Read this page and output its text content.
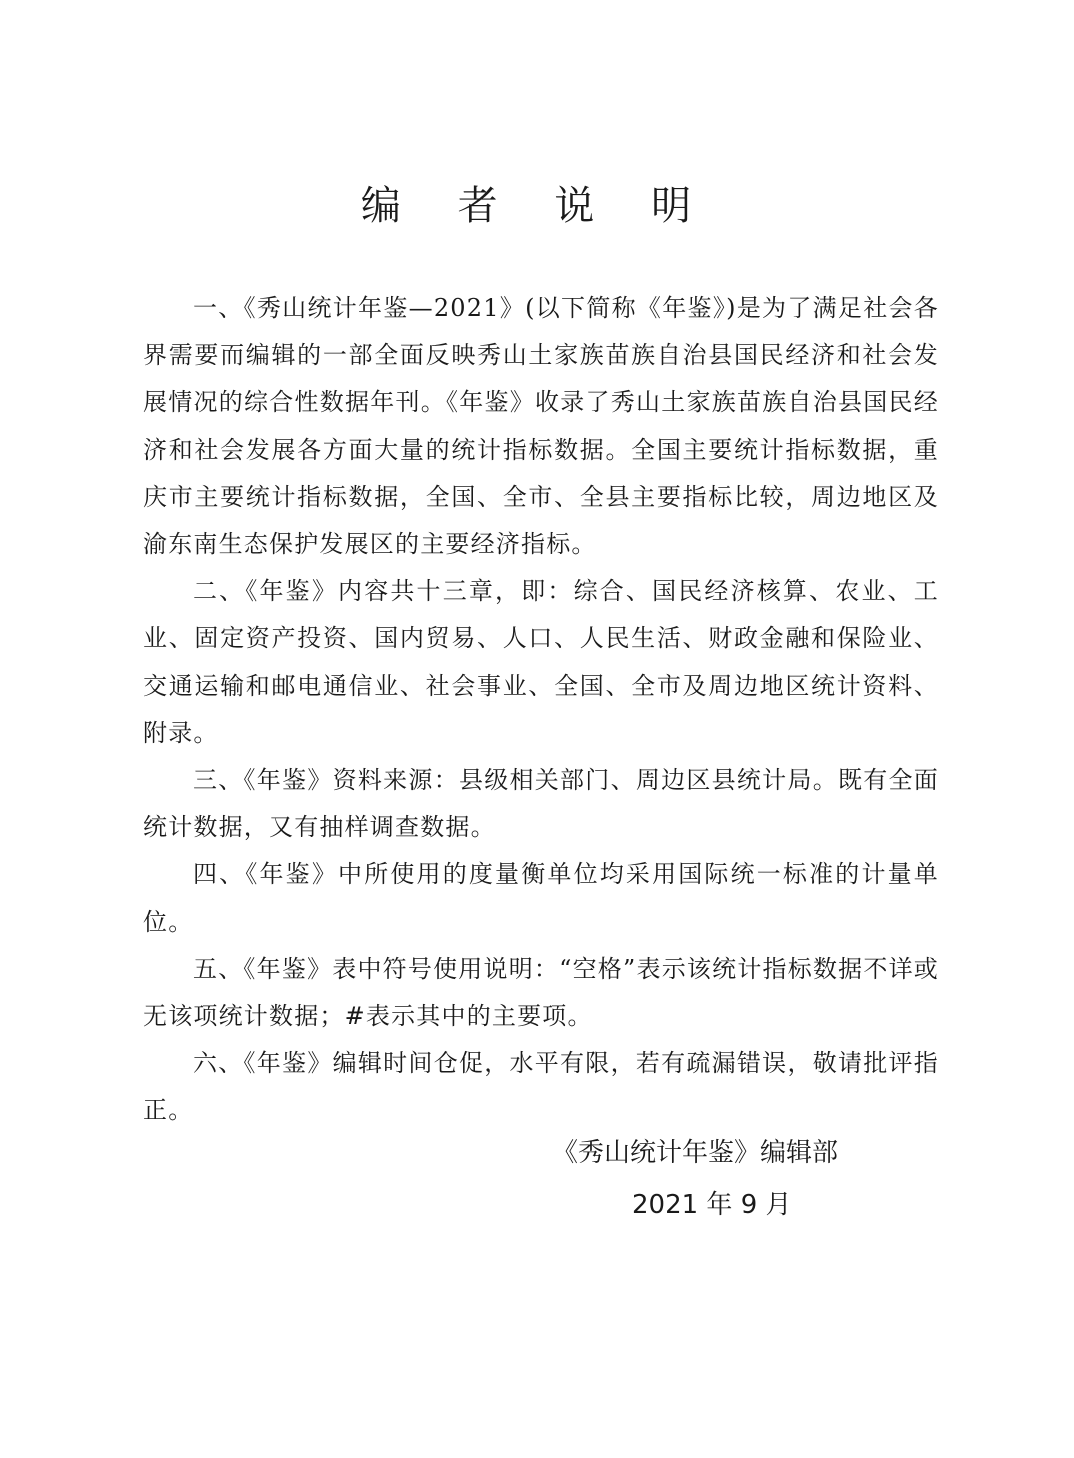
编 者 说 明

一、《秀山统计年鉴—2021》(以下简称《年鉴》)是为了满足社会各界需要而编辑的一部全面反映秀山土家族苗族自治县国民经济和社会发展情况的综合性数据年刊。《年鉴》收录了秀山土家族苗族自治县国民经济和社会发展各方面大量的统计指标数据。全国主要统计指标数据，重庆市主要统计指标数据，全国、全市、全县主要指标比较，周边地区及渝东南生态保护发展区的主要经济指标。

二、《年鉴》内容共十三章，即：综合、国民经济核算、农业、工业、固定资产投资、国内贸易、人口、人民生活、财政金融和保险业、交通运输和邮电通信业、社会事业、全国、全市及周边地区统计资料、附录。

三、《年鉴》资料来源：县级相关部门、周边区县统计局。既有全面统计数据，又有抽样调查数据。

四、《年鉴》中所使用的度量衡单位均采用国际统一标准的计量单位。

五、《年鉴》表中符号使用说明：“空格”表示该统计指标数据不详或无该项统计数据；#表示其中的主要项。

六、《年鉴》编辑时间仓促，水平有限，若有疏漏错误，敬请批评指正。

《秀山统计年鉴》编辑部
2021 年 9 月
